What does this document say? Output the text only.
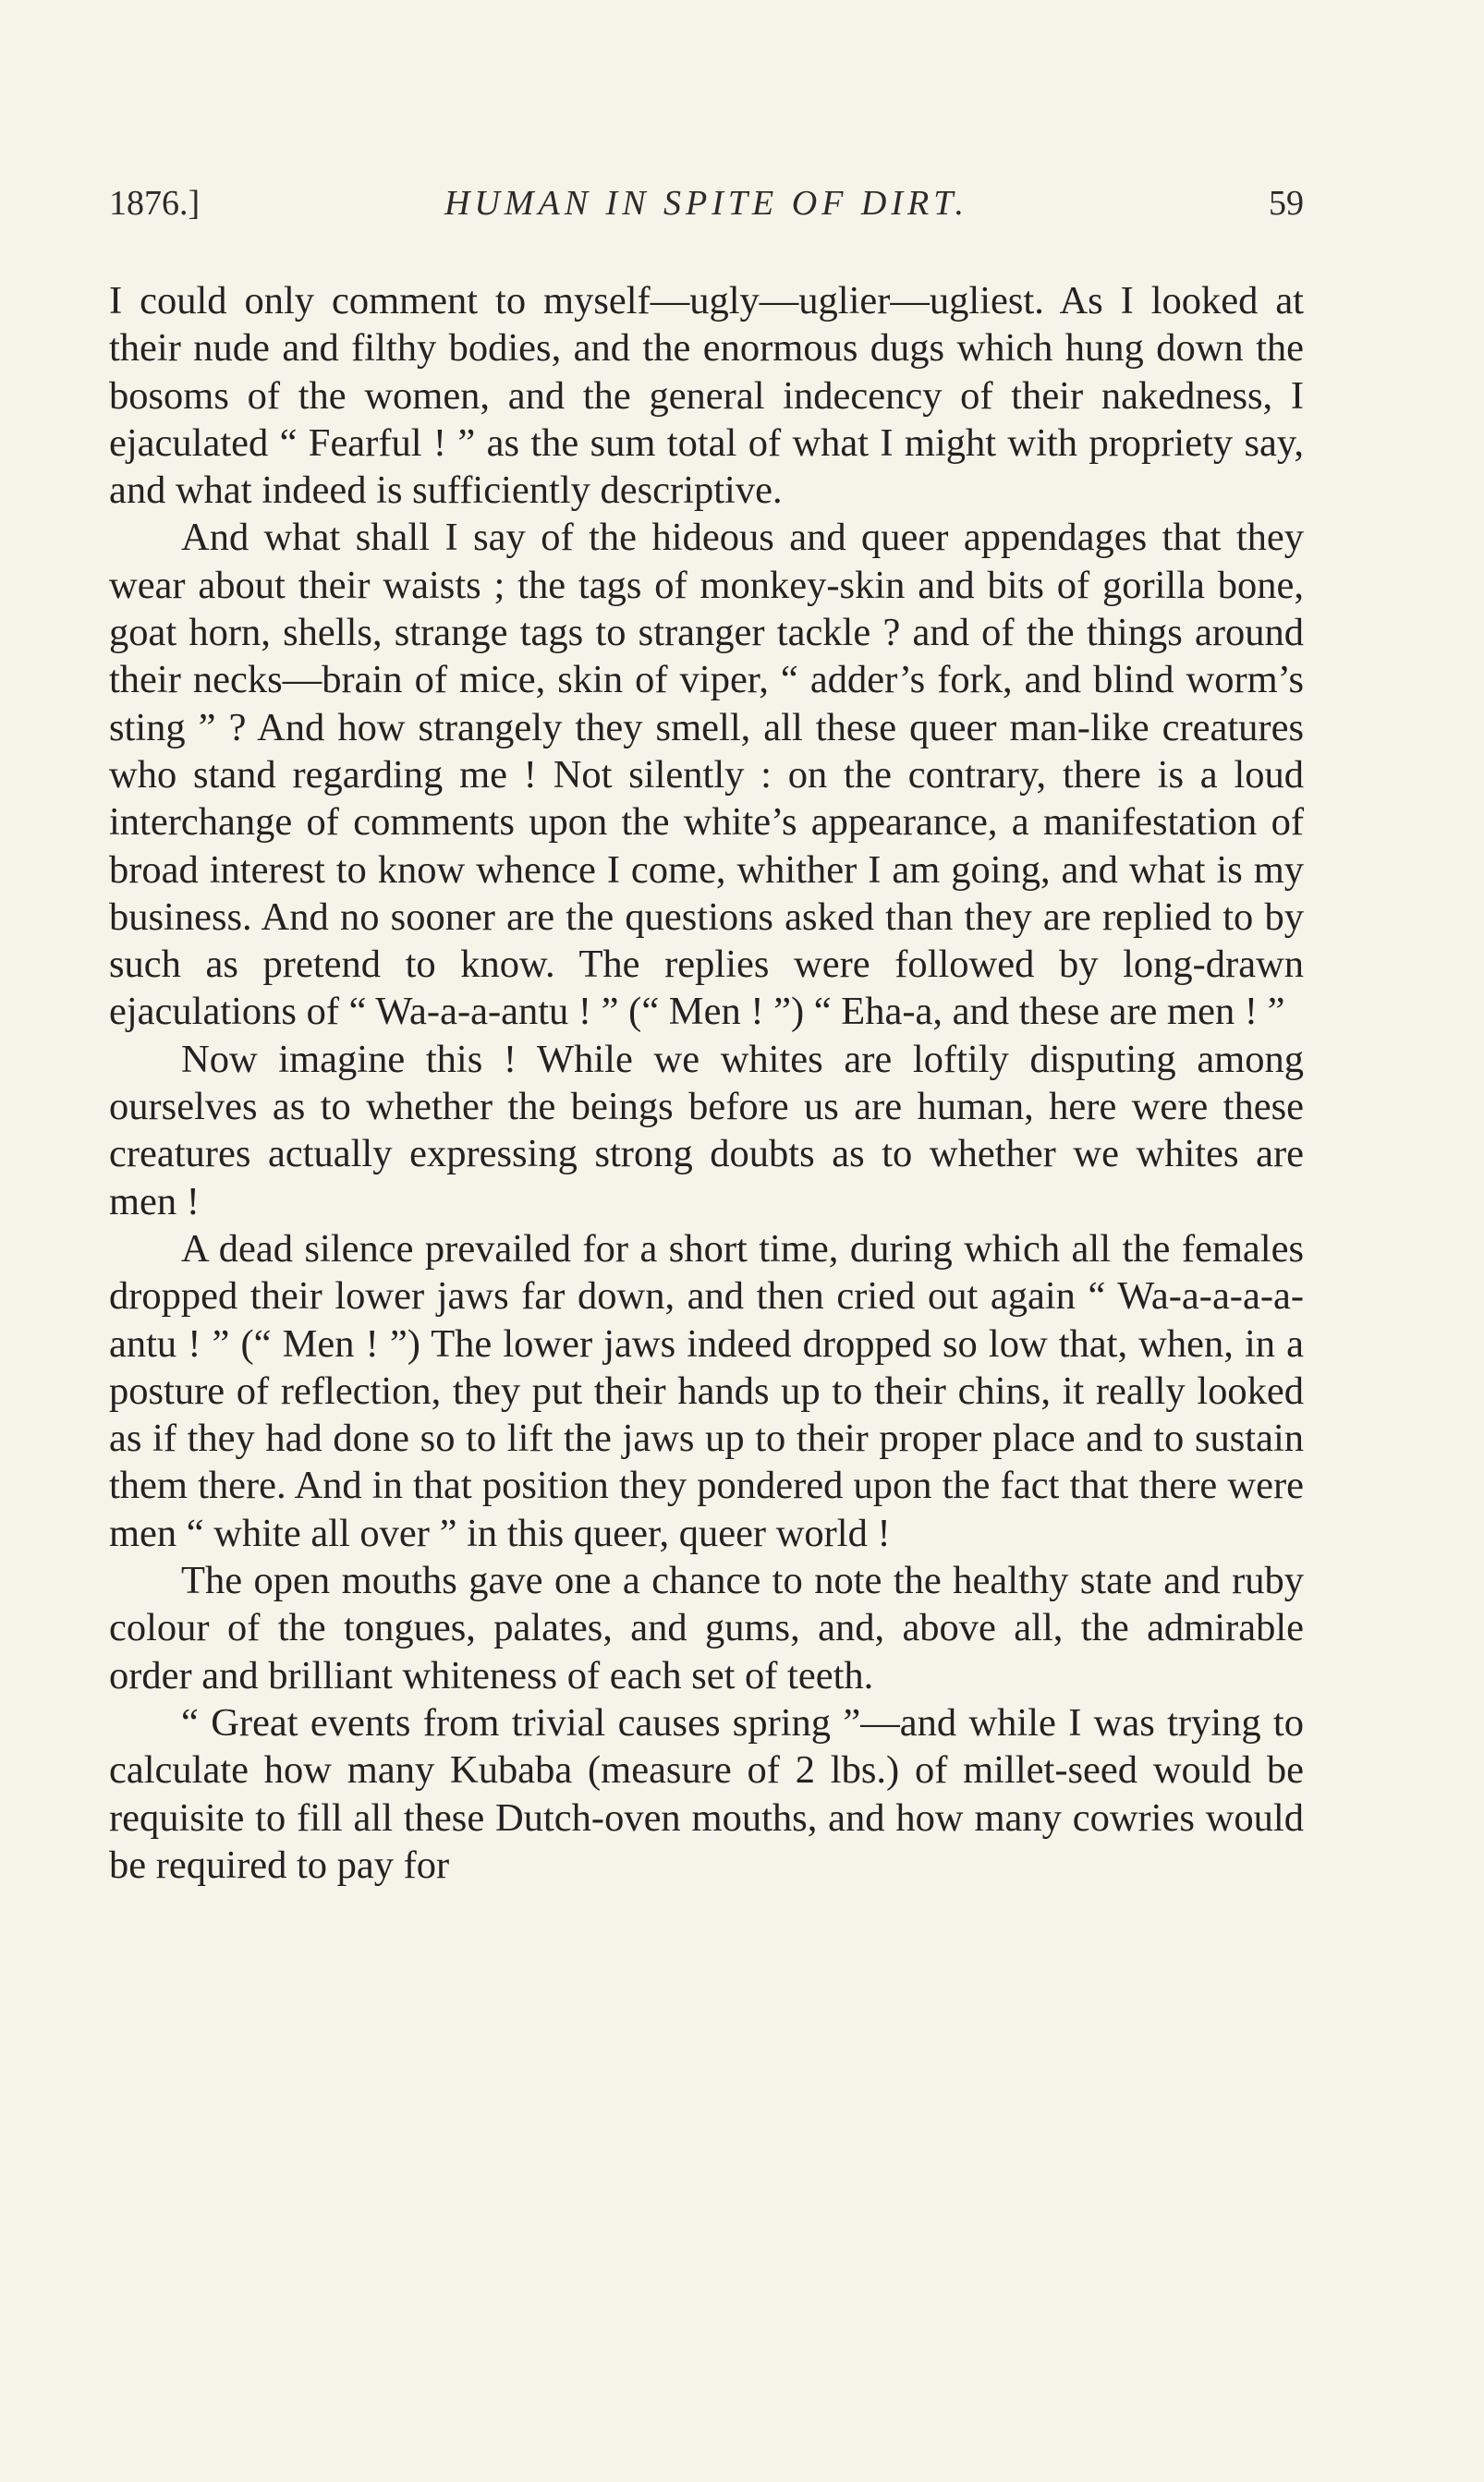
1876.]	HUMAN IN SPITE OF DIRT.	59

I could only comment to myself—ugly—uglier—ugliest. As I looked at their nude and filthy bodies, and the enormous dugs which hung down the bosoms of the women, and the general indecency of their nakedness, I ejaculated “ Fearful ! ” as the sum total of what I might with propriety say, and what indeed is sufficiently descriptive.

And what shall I say of the hideous and queer appendages that they wear about their waists ; the tags of monkey-skin and bits of gorilla bone, goat horn, shells, strange tags to stranger tackle ? and of the things around their necks—brain of mice, skin of viper, “ adder’s fork, and blind worm’s sting ” ? And how strangely they smell, all these queer man-like creatures who stand regarding me ! Not silently : on the contrary, there is a loud interchange of comments upon the white’s appearance, a manifestation of broad interest to know whence I come, whither I am going, and what is my business. And no sooner are the questions asked than they are replied to by such as pretend to know. The replies were followed by long-drawn ejaculations of “ Wa-a-a-antu ! ” (“ Men ! ”) “ Eha-a, and these are men ! ”

Now imagine this ! While we whites are loftily disputing among ourselves as to whether the beings before us are human, here were these creatures actually expressing strong doubts as to whether we whites are men !

A dead silence prevailed for a short time, during which all the females dropped their lower jaws far down, and then cried out again “ Wa-a-a-a-a-antu ! ” (“ Men ! ”) The lower jaws indeed dropped so low that, when, in a posture of reflection, they put their hands up to their chins, it really looked as if they had done so to lift the jaws up to their proper place and to sustain them there. And in that position they pondered upon the fact that there were men “ white all over ” in this queer, queer world !

The open mouths gave one a chance to note the healthy state and ruby colour of the tongues, palates, and gums, and, above all, the admirable order and brilliant whiteness of each set of teeth.

“ Great events from trivial causes spring ”—and while I was trying to calculate how many Kubaba (measure of 2 lbs.) of millet-seed would be requisite to fill all these Dutch-oven mouths, and how many cowries would be required to pay for
